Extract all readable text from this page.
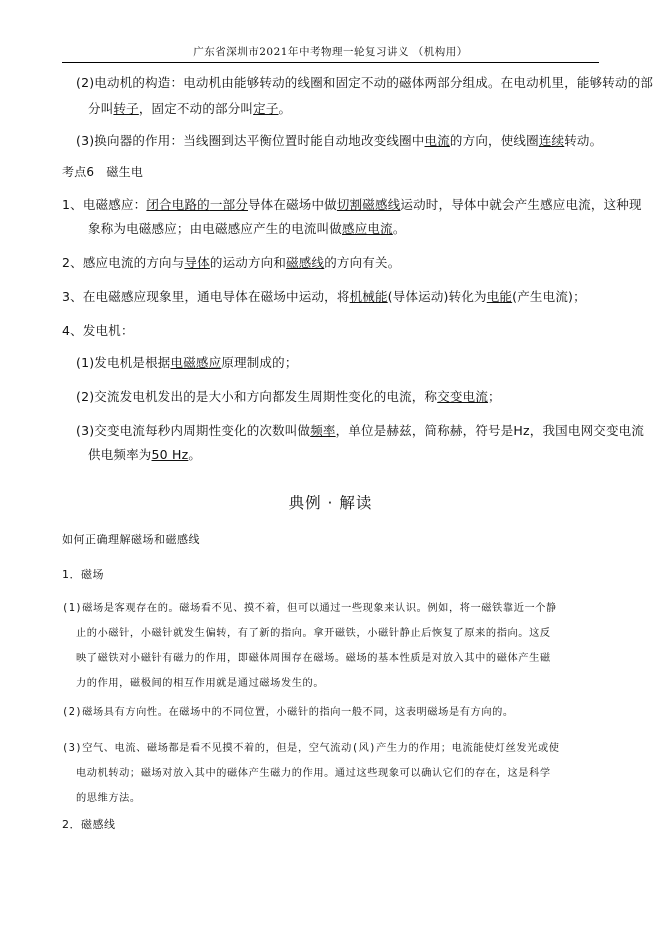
广东省深圳市2021年中考物理一轮复习讲义 （机构用）
(2)电动机的构造：电动机由能够转动的线圈和固定不动的磁体两部分组成。在电动机里，能够转动的部
分叫转子，固定不动的部分叫定子。
(3)换向器的作用：当线圈到达平衡位置时能自动地改变线圈中电流的方向，使线圈连续转动。
考点6　磁生电
1、电磁感应：闭合电路的一部分导体在磁场中做切割磁感线运动时，导体中就会产生感应电流，这种现
象称为电磁感应；由电磁感应产生的电流叫做感应电流。
2、感应电流的方向与导体的运动方向和磁感线的方向有关。
3、在电磁感应现象里，通电导体在磁场中运动，将机械能(导体运动)转化为电能(产生电流)；
4、发电机：
(1)发电机是根据电磁感应原理制成的；
(2)交流发电机发出的是大小和方向都发生周期性变化的电流，称交变电流；
(3)交变电流每秒内周期性变化的次数叫做频率，单位是赫兹，简称赫，符号是Hz，我国电网交变电流
供电频率为50 Hz。
典例 · 解读
如何正确理解磁场和磁感线
1．磁场
(1)磁场是客观存在的。磁场看不见、摸不着，但可以通过一些现象来认识。例如，将一磁铁靠近一个静
止的小磁针，小磁针就发生偏转，有了新的指向。拿开磁铁，小磁针静止后恢复了原来的指向。这反
映了磁铁对小磁针有磁力的作用，即磁体周围存在磁场。磁场的基本性质是对放入其中的磁体产生磁
力的作用，磁极间的相互作用就是通过磁场发生的。
(2)磁场具有方向性。在磁场中的不同位置，小磁针的指向一般不同，这表明磁场是有方向的。
(3)空气、电流、磁场都是看不见摸不着的，但是，空气流动(风)产生力的作用；电流能使灯丝发光或使
电动机转动；磁场对放入其中的磁体产生磁力的作用。通过这些现象可以确认它们的存在，这是科学
的思维方法。
2．磁感线
